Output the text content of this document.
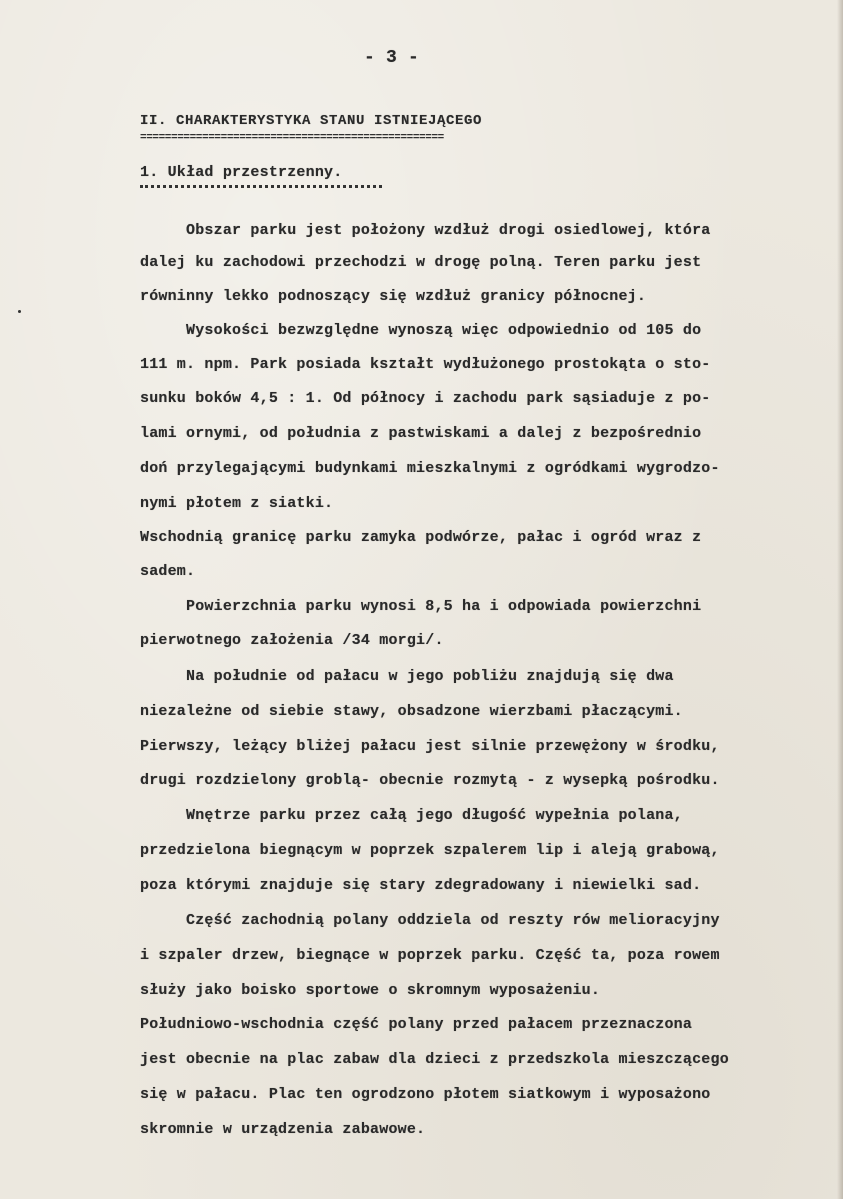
- 3 -
II. CHARAKTERYSTYKA STANU ISTNIEJĄCEGO
=================================================
1. Układ przestrzenny.
Obszar parku jest położony wzdłuż drogi osiedlowej, która
dalej ku zachodowi przechodzi w drogę polną. Teren parku jest
równinny lekko podnoszący się wzdłuż granicy północnej.
Wysokości bezwzględne wynoszą więc odpowiednio od 105 do
111 m. npm. Park posiada kształt wydłużonego prostokąta o sto-
sunku boków 4,5 : 1. Od północy i zachodu park sąsiaduje z po-
lami ornymi, od południa z pastwiskami a dalej z bezpośrednio
doń przylegającymi budynkami mieszkalnymi z ogródkami wygrodzo-
nymi płotem z siatki.
Wschodnią granicę parku zamyka podwórze, pałac i ogród wraz z
sadem.
Powierzchnia parku wynosi 8,5 ha i odpowiada powierzchni
pierwotnego założenia /34 morgi/.
Na południe od pałacu w jego pobliżu znajdują się dwa
niezależne od siebie stawy, obsadzone wierzbami płaczącymi.
Pierwszy, leżący bliżej pałacu jest silnie przewężony w środku,
drugi rozdzielony groblą- obecnie rozmytą - z wysepką pośrodku.
Wnętrze parku przez całą jego długość wypełnia polana,
przedzielona biegnącym w poprzek szpalerem lip i aleją grabową,
poza którymi znajduje się stary zdegradowany i niewielki sad.
Część zachodnią polany oddziela od reszty rów melioracyjny
i szpaler drzew, biegnące w poprzek parku. Część ta, poza rowem
służy jako boisko sportowe o skromnym wyposażeniu.
Południowo-wschodnia część polany przed pałacem przeznaczona
jest obecnie na plac zabaw dla dzieci z przedszkola mieszczącego
się w pałacu. Plac ten ogrodzono płotem siatkowym i wyposażono
skromnie w urządzenia zabawowe.
